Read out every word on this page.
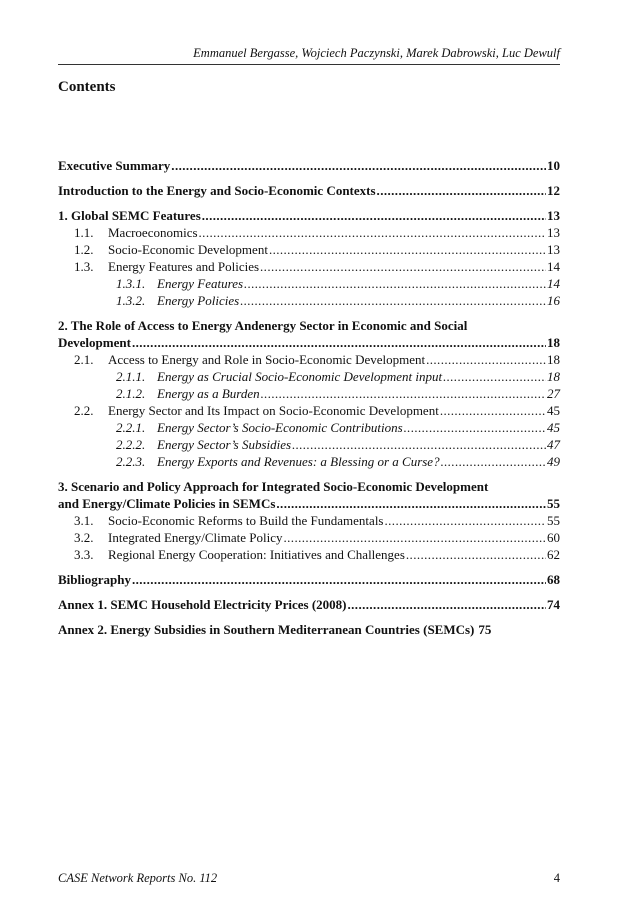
Emmanuel Bergasse, Wojciech Paczynski, Marek Dabrowski, Luc Dewulf
Contents
Executive Summary .....	10
Introduction to the Energy and Socio-Economic Contexts .....	12
1. Global SEMC Features .....	13
1.1.	Macroeconomics .....	13
1.2.	Socio-Economic Development .....	13
1.3.	Energy Features and Policies .....	14
1.3.1. Energy Features .....	14
1.3.2. Energy Policies .....	16
2. The Role of Access to Energy Andenergy Sector in Economic and Social
Development .....	18
2.1.	Access to Energy and Role in Socio-Economic Development .....	18
2.1.1. Energy as Crucial Socio-Economic Development input .....	18
2.1.2. Energy as a Burden .....	27
2.2.	Energy Sector and Its Impact on Socio-Economic Development .....	45
2.2.1. Energy Sector’s Socio-Economic Contributions .....	45
2.2.2. Energy Sector’s Subsidies .....	47
2.2.3. Energy Exports and Revenues: a Blessing or a Curse? .....	49
3. Scenario and Policy Approach for Integrated Socio-Economic Development
and Energy/Climate Policies in SEMCs .....	55
3.1.	Socio-Economic Reforms to Build the Fundamentals .....	55
3.2.	Integrated Energy/Climate Policy .....	60
3.3.	Regional Energy Cooperation: Initiatives and Challenges .....	62
Bibliography .....	68
Annex 1. SEMC Household Electricity Prices (2008) .....	74
Annex 2. Energy Subsidies in Southern Mediterranean Countries (SEMCs) 75
CASE Network Reports No. 112	4
